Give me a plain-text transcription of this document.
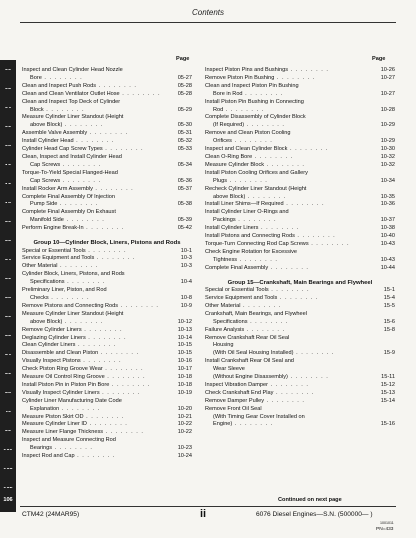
Contents
Page	Page
106
Inspect and Clean Cylinder Head Nozzle
Bore . . . . . . . .	05-27
Clean and Inspect Push Rods . . . . . . . .	05-28
Clean and Clean Ventilator Outlet Hose . . . . . . . .	05-28
Clean and Inspect Top Deck of Cylinder
Block . . . . . . . .	05-29
Measure Cylinder Liner Standout (Height
above Block) . . . . . . . .	05-30
Assemble Valve Assembly . . . . . . . .	05-31
Install Cylinder Head . . . . . . . .	05-32
Cylinder Head Cap Screw Types . . . . . . . .	05-33
Clean, Inspect and Install Cylinder Head
Cap Screws . . . . . . . .	05-34
Torque-To-Yield Special Flanged-Head
Cap Screws . . . . . . . .	05-36
Install Rocker Arm Assembly . . . . . . . .	05-37
Complete Final Assembly Of Injection
Pump Side . . . . . . . .	05-38
Complete Final Assembly On Exhaust
Manifold Side . . . . . . . .	05-39
Perform Engine Break-In . . . . . . . .	05-42
Group 10—Cylinder Block, Liners, Pistons and Rods
Special or Essential Tools . . . . . . . .	10-1
Service Equipment and Tools . . . . . . . .	10-3
Other Material . . . . . . . .	10-3
Cylinder Block, Liners, Pistons, and Rods
Specifications . . . . . . . .	10-4
Preliminary Liner, Piston, and Rod
Checks . . . . . . . .	10-8
Remove Pistons and Connecting Rods . . . . . . . .	10-9
Measure Cylinder Liner Standout (Height
above Block) . . . . . . . .	10-12
Remove Cylinder Liners . . . . . . . .	10-13
Deglazing Cylinder Liners . . . . . . . .	10-14
Clean Cylinder Liners . . . . . . . .	10-15
Disassemble and Clean Piston . . . . . . . .	10-15
Visually Inspect Pistons . . . . . . . .	10-16
Check Piston Ring Groove Wear . . . . . . . .	10-17
Measure Oil Control Ring Groove . . . . . . . .	10-18
Install Piston Pin in Piston Pin Bore . . . . . . . .	10-18
Visually Inspect Cylinder Liners . . . . . . . .	10-19
Cylinder Liner Manufacturing Date Code
Explanation . . . . . . . .	10-20
Measure Piston Skirt OD . . . . . . . .	10-21
Measure Cylinder Liner ID . . . . . . . .	10-22
Measure Liner Flange Thickness . . . . . . . .	10-22
Inspect and Measure Connecting Rod
Bearings . . . . . . . .	10-23
Inspect Rod and Cap . . . . . . . .	10-24
Inspect Piston Pins and Bushings . . . . . . . .	10-26
Remove Piston Pin Bushing . . . . . . . .	10-27
Clean and Inspect Piston Pin Bushing
Bore in Rod . . . . . . . .	10-27
Install Piston Pin Bushing in Connecting
Rod . . . . . . . .	10-28
Complete Disassembly of Cylinder Block
(If Required) . . . . . . . .	10-29
Remove and Clean Piston Cooling
Orifices . . . . . . . .	10-29
Inspect and Clean Cylinder Block . . . . . . . .	10-30
Clean O-Ring Bore . . . . . . . .	10-32
Measure Cylinder Block . . . . . . . .	10-32
Install Piston Cooling Orifices and Gallery
Plugs . . . . . . . .	10-34
Recheck Cylinder Liner Standout (Height
above Block) . . . . . . . .	10-35
Install Liner Shims—If Required . . . . . . . .	10-36
Install Cylinder Liner O-Rings and
Packings . . . . . . . .	10-37
Install Cylinder Liners . . . . . . . .	10-38
Install Pistons and Connecting Rods . . . . . . . .	10-40
Torque-Turn Connecting Rod Cap Screws . . . . . . . .	10-43
Check Engine Rotation for Excessive
Tightness . . . . . . . .	10-43
Complete Final Assembly . . . . . . . .	10-44
Group 15—Crankshaft, Main Bearings and Flywheel
Special or Essential Tools . . . . . . . .	15-1
Service Equipment and Tools . . . . . . . .	15-4
Other Material . . . . . . . .	15-5
Crankshaft, Main Bearings, and Flywheel
Specifications . . . . . . . .	15-6
Failure Analysis . . . . . . . .	15-8
Remove Crankshaft Rear Oil Seal
Housing
(With Oil Seal Housing Installed) . . . . . . . .	15-9
Install Crankshaft Rear Oil Seal and
Wear Sleeve
(Without Engine Disassembly) . . . . . . . .	15-11
Inspect Vibration Damper . . . . . . . .	15-12
Check Crankshaft End Play . . . . . . . .	15-13
Remove Damper Pulley . . . . . . . .	15-14
Remove Front Oil Seal
(With Timing Gear Cover Installed on
Engine) . . . . . . . .	15-16
Continued on next page
CTM42 (24MAR95)	ii	6076 Diesel Engines—S.N. (500000— )
1001011
PN=433
